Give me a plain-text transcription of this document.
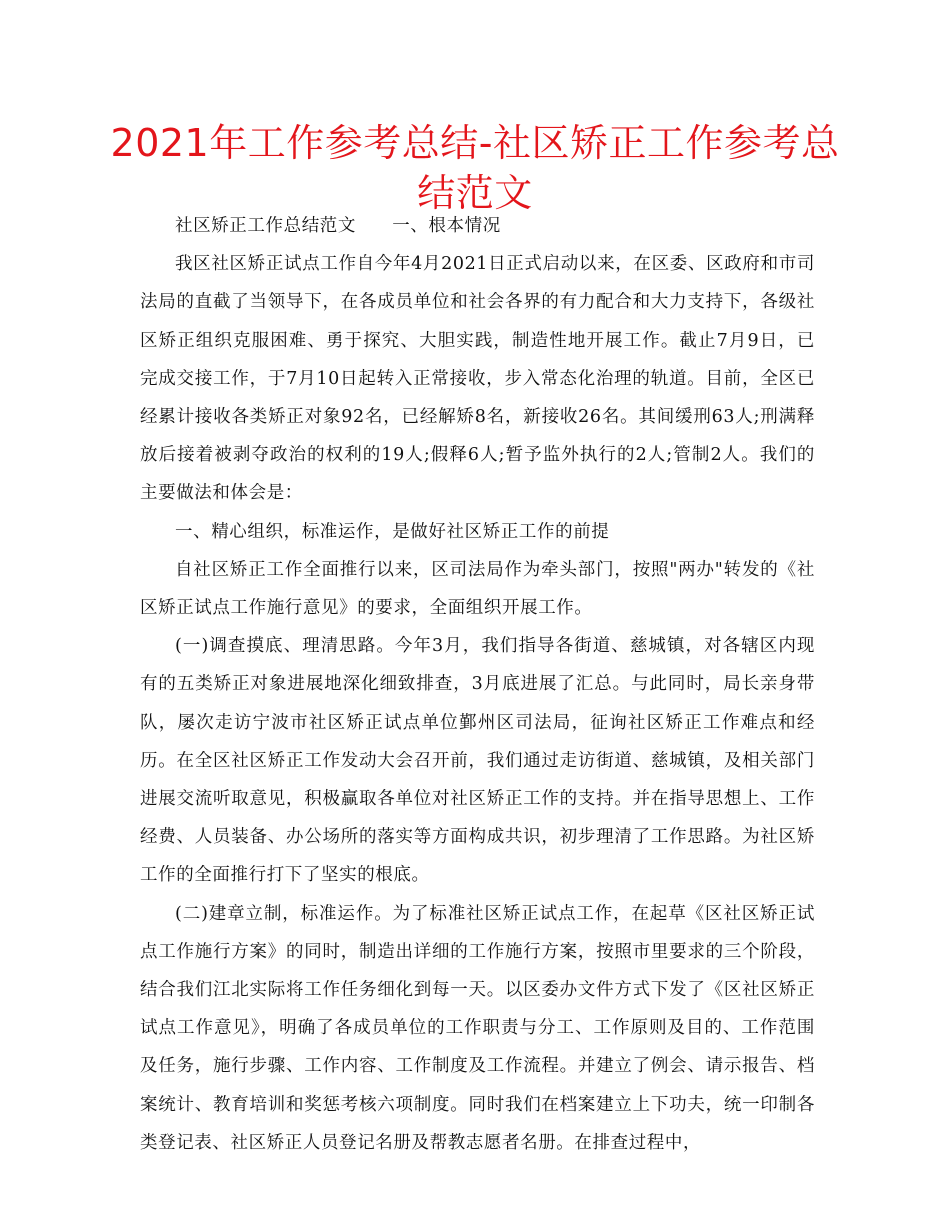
2021年工作参考总结-社区矫正工作参考总结范文

社区矫正工作总结范文　　一、根本情况

我区社区矫正试点工作自今年4月2021日正式启动以来，在区委、区政府和市司法局的直截了当领导下，在各成员单位和社会各界的有力配合和大力支持下，各级社区矫正组织克服困难、勇于探究、大胆实践，制造性地开展工作。截止7月9日，已完成交接工作，于7月10日起转入正常接收，步入常态化治理的轨道。目前，全区已经累计接收各类矫正对象92名，已经解矫8名，新接收26名。其间缓刑63人;刑满释放后接着被剥夺政治的权利的19人;假释6人;暂予监外执行的2人;管制2人。我们的主要做法和体会是：

一、精心组织，标准运作，是做好社区矫正工作的前提

自社区矫正工作全面推行以来，区司法局作为牵头部门，按照"两办"转发的《社区矫正试点工作施行意见》的要求，全面组织开展工作。

(一)调查摸底、理清思路。今年3月，我们指导各街道、慈城镇，对各辖区内现有的五类矫正对象进展地深化细致排查，3月底进展了汇总。与此同时，局长亲身带队，屡次走访宁波市社区矫正试点单位鄞州区司法局，征询社区矫正工作难点和经历。在全区社区矫正工作发动大会召开前，我们通过走访街道、慈城镇，及相关部门进展交流听取意见，积极赢取各单位对社区矫正工作的支持。并在指导思想上、工作经费、人员装备、办公场所的落实等方面构成共识，初步理清了工作思路。为社区矫工作的全面推行打下了坚实的根底。

(二)建章立制，标准运作。为了标准社区矫正试点工作，在起草《区社区矫正试点工作施行方案》的同时，制造出详细的工作施行方案，按照市里要求的三个阶段，结合我们江北实际将工作任务细化到每一天。以区委办文件方式下发了《区社区矫正试点工作意见》，明确了各成员单位的工作职责与分工、工作原则及目的、工作范围及任务，施行步骤、工作内容、工作制度及工作流程。并建立了例会、请示报告、档案统计、教育培训和奖惩考核六项制度。同时我们在档案建立上下功夫，统一印制各类登记表、社区矫正人员登记名册及帮教志愿者名册。在排查过程中，
